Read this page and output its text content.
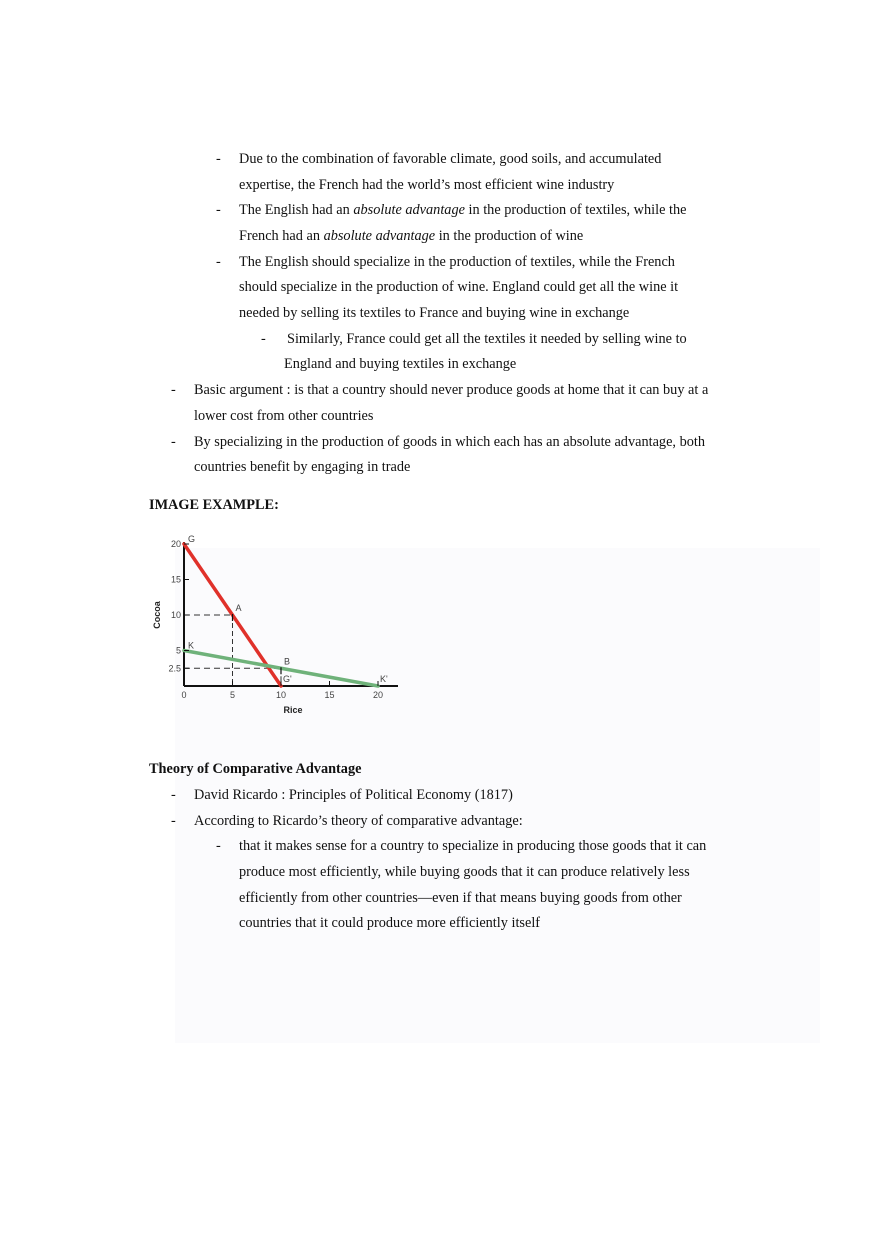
- Due to the combination of favorable climate, good soils, and accumulated
expertise, the French had the world’s most efficient wine industry
- The English had an absolute advantage in the production of textiles, while the
French had an absolute advantage in the production of wine
- The English should specialize in the production of textiles, while the French
should specialize in the production of wine. England could get all the wine it
needed by selling its textiles to France and buying wine in exchange
- Similarly, France could get all the textiles it needed by selling wine to
England and buying textiles in exchange
- Basic argument : is that a country should never produce goods at home that it can buy at a
lower cost from other countries
- By specializing in the production of goods in which each has an absolute advantage, both
countries benefit by engaging in trade
IMAGE EXAMPLE:
0	5	10	15	20
20
15
10
5
2.5
G
G'
K
K'
A
B
Rice
Cocoa
Theory of Comparative Advantage
- David Ricardo : Principles of Political Economy (1817)
- According to Ricardo’s theory of comparative advantage:
- that it makes sense for a country to specialize in producing those goods that it can
produce most efficiently, while buying goods that it can produce relatively less
efficiently from other countries—even if that means buying goods from other
countries that it could produce more efficiently itself
